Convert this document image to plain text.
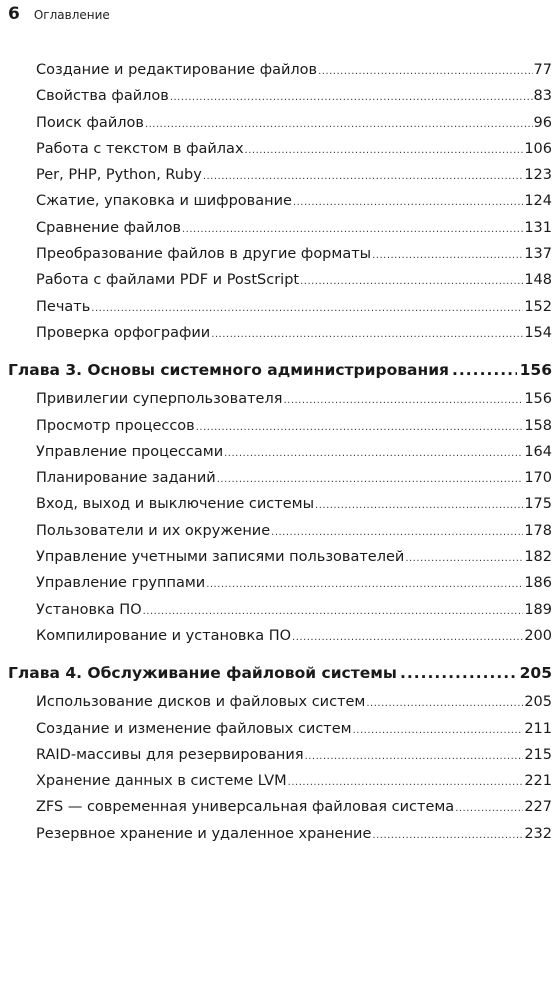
6 Оглавление
Создание и редактирование файлов .....	77
Свойства файлов .....	83
Поиск файлов .....	96
Работа с текстом в файлах .....	106
Per, PHP, Python, Ruby .....	123
Сжатие, упаковка и шифрование .....	124
Сравнение файлов .....	131
Преобразование файлов в другие форматы .....	137
Работа с файлами PDF и PostScript .....	148
Печать .....	152
Проверка орфографии .....	154
Глава 3. Основы системного администрирования .....	156
Привилегии суперпользователя .....	156
Просмотр процессов .....	158
Управление процессами .....	164
Планирование заданий .....	170
Вход, выход и выключение системы .....	175
Пользователи и их окружение .....	178
Управление учетными записями пользователей .....	182
Управление группами .....	186
Установка ПО .....	189
Компилирование и установка ПО .....	200
Глава 4. Обслуживание файловой системы .....	205
Использование дисков и файловых систем .....	205
Создание и изменение файловых систем .....	211
RAID-массивы для резервирования .....	215
Хранение данных в системе LVM .....	221
ZFS — современная универсальная файловая система .....	227
Резервное хранение и удаленное хранение .....	232
